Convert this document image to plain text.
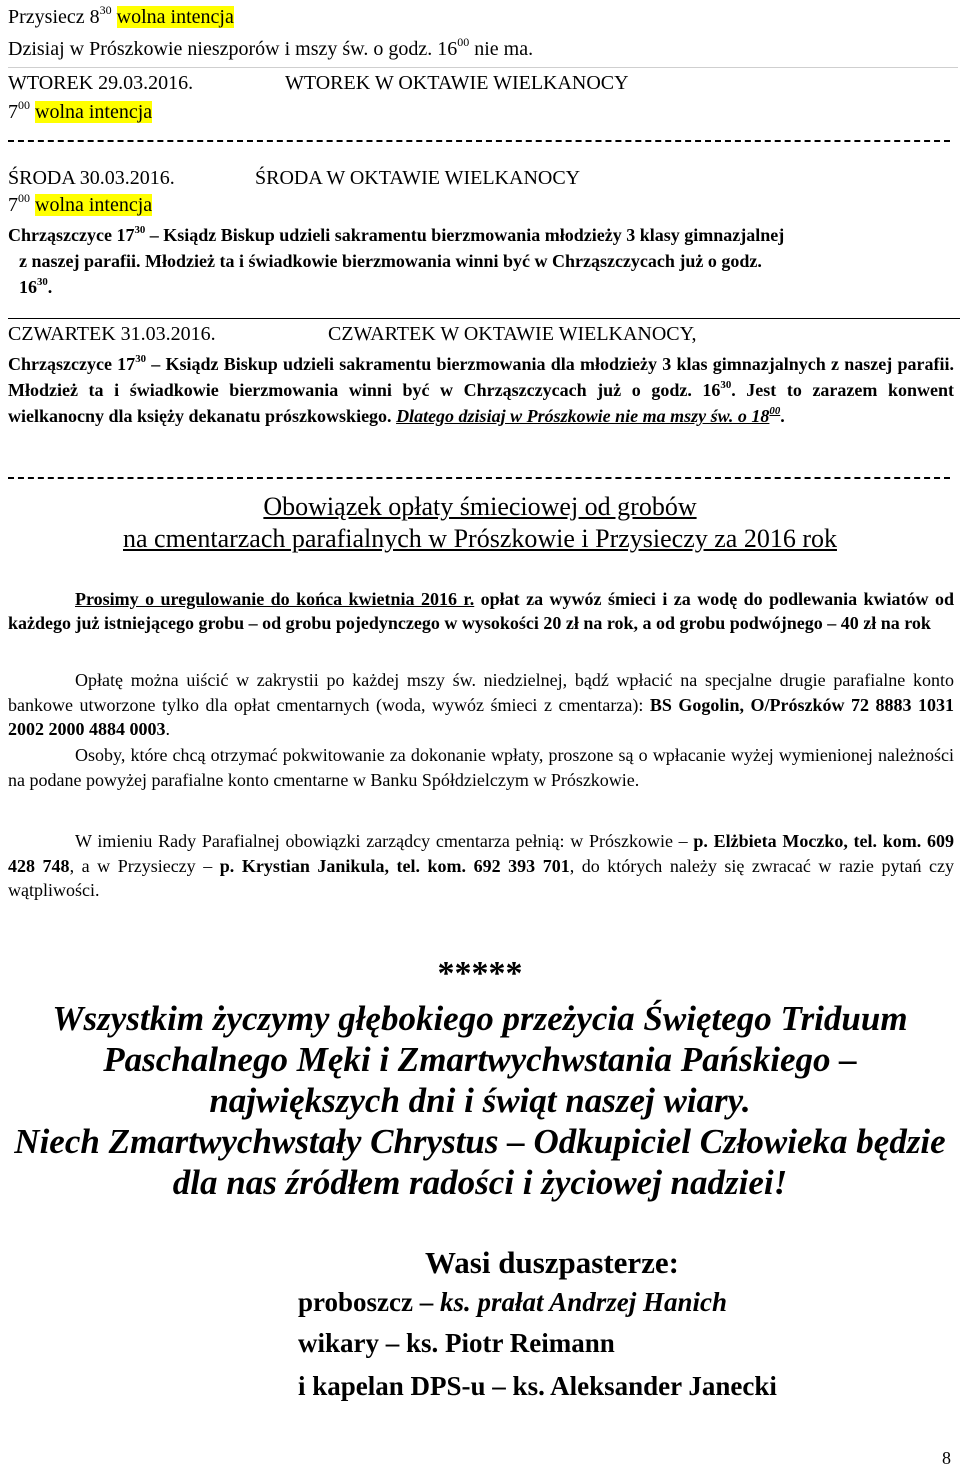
Przysiecz $8^{30}$ wolna intencja
Dzisiaj w Prószkowie nieszporów i mszy św. o godz. $16^{00}$ nie ma.
WTOREK 29.03.2016.	WTOREK W OKTAWIE WIELKANOCY
$7^{00}$ wolna intencja
ŚRODA 30.03.2016.	ŚRODA W OKTAWIE WIELKANOCY
$7^{00}$ wolna intencja
Chrząszczyce $17^{30}$ – Ksiądz Biskup udzieli sakramentu bierzmowania młodzieży 3 klasy gimnazjalnej
z naszej parafii. Młodzież ta i świadkowie bierzmowania winni być w Chrząszczycach już o godz.
$16^{30}$.
CZWARTEK 31.03.2016.	CZWARTEK W OKTAWIE WIELKANOCY,
Chrząszczyce $17^{30}$ – Ksiądz Biskup udzieli sakramentu bierzmowania dla młodzieży 3 klas gimnazjalnych z naszej parafii. Młodzież ta i świadkowie bierzmowania winni być w Chrząszczycach już o godz. $16^{30}$. Jest to zarazem konwent wielkanocny dla księży dekanatu prószkowskiego. Dlatego dzisiaj w Prószkowie nie ma mszy św. o $18^{00}$.
Obowiązek opłaty śmieciowej od grobów
na cmentarzach parafialnych w Prószkowie i Przysieczy za 2016 rok
Prosimy o uregulowanie do końca kwietnia 2016 r. opłat za wywóz śmieci i za wodę do podlewania kwiatów od każdego już istniejącego grobu – od grobu pojedynczego w wysokości 20 zł na rok, a od grobu podwójnego – 40 zł na rok
Opłatę można uiścić w zakrystii po każdej mszy św. niedzielnej, bądź wpłacić na specjalne drugie parafialne konto bankowe utworzone tylko dla opłat cmentarnych (woda, wywóz śmieci z cmentarza): BS Gogolin, O/Prószków 72 8883 1031 2002 2000 4884 0003.
Osoby, które chcą otrzymać pokwitowanie za dokonanie wpłaty, proszone są o wpłacanie wyżej wymienionej należności na podane powyżej parafialne konto cmentarne w Banku Spółdzielczym w Prószkowie.
W imieniu Rady Parafialnej obowiązki zarządcy cmentarza pełnią: w Prószkowie – p. Elżbieta Moczko, tel. kom. 609 428 748, a w Przysieczy – p. Krystian Janikula, tel. kom. 692 393 701, do których należy się zwracać w razie pytań czy wątpliwości.
*****
Wszystkim życzymy głębokiego przeżycia Świętego Triduum
Paschalnego Męki i Zmartwychwstania Pańskiego –
największych dni i świąt naszej wiary.
Niech Zmartwychwstały Chrystus – Odkupiciel Człowieka będzie
dla nas źródłem radości i życiowej nadziei!
Wasi duszpasterze:
proboszcz – ks. prałat Andrzej Hanich
wikary – ks. Piotr Reimann
i kapelan DPS-u – ks. Aleksander Janecki
8
